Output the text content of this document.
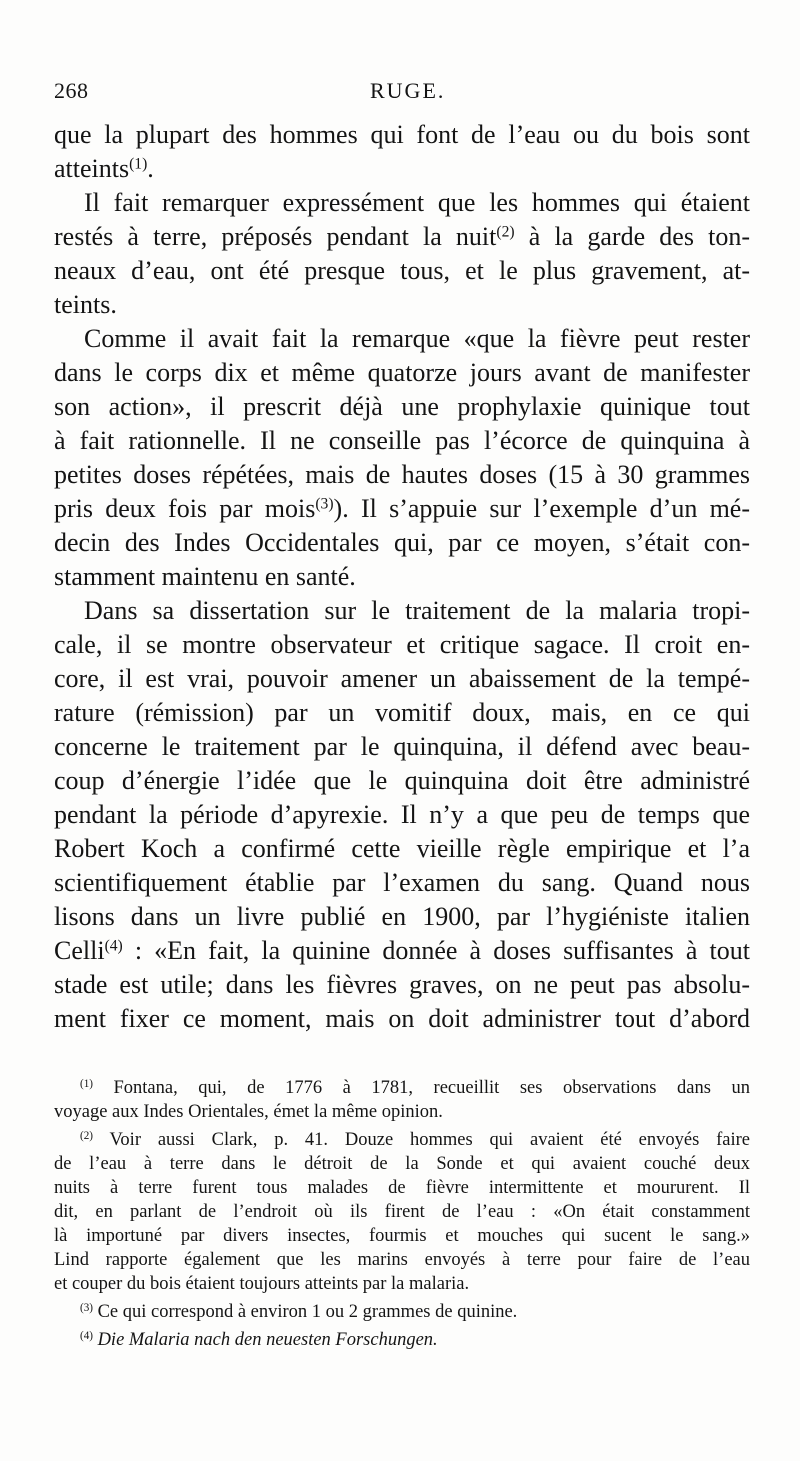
268	RUGE.
que la plupart des hommes qui font de l’eau ou du bois sont
atteints$^{(1)}$.
Il fait remarquer expressément que les hommes qui étaient
restés à terre, préposés pendant la nuit$^{(2)}$ à la garde des ton-
neaux d’eau, ont été presque tous, et le plus gravement, at-
teints.
Comme il avait fait la remarque «que la fièvre peut rester
dans le corps dix et même quatorze jours avant de manifester
son action», il prescrit déjà une prophylaxie quinique tout
à fait rationnelle. Il ne conseille pas l’écorce de quinquina à
petites doses répétées, mais de hautes doses (15 à 30 grammes
pris deux fois par mois$^{(3)}$). Il s’appuie sur l’exemple d’un mé-
decin des Indes Occidentales qui, par ce moyen, s’était con-
stamment maintenu en santé.
Dans sa dissertation sur le traitement de la malaria tropi-
cale, il se montre observateur et critique sagace. Il croit en-
core, il est vrai, pouvoir amener un abaissement de la tempé-
rature (rémission) par un vomitif doux, mais, en ce qui
concerne le traitement par le quinquina, il défend avec beau-
coup d’énergie l’idée que le quinquina doit être administré
pendant la période d’apyrexie. Il n’y a que peu de temps que
Robert Koch a confirmé cette vieille règle empirique et l’a
scientifiquement établie par l’examen du sang. Quand nous
lisons dans un livre publié en 1900, par l’hygiéniste italien
Celli$^{(4)}$ : «En fait, la quinine donnée à doses suffisantes à tout
stade est utile; dans les fièvres graves, on ne peut pas absolu-
ment fixer ce moment, mais on doit administrer tout d’abord
$^{(1)}$ Fontana, qui, de 1776 à 1781, recueillit ses observations dans un
voyage aux Indes Orientales, émet la même opinion.
$^{(2)}$ Voir aussi Clark, p. 41. Douze hommes qui avaient été envoyés faire
de l’eau à terre dans le détroit de la Sonde et qui avaient couché deux
nuits à terre furent tous malades de fièvre intermittente et moururent. Il
dit, en parlant de l’endroit où ils firent de l’eau : «On était constamment
là importuné par divers insectes, fourmis et mouches qui sucent le sang.»
Lind rapporte également que les marins envoyés à terre pour faire de l’eau
et couper du bois étaient toujours atteints par la malaria.
$^{(3)}$ Ce qui correspond à environ 1 ou 2 grammes de quinine.
$^{(4)}$ Die Malaria nach den neuesten Forschungen.
